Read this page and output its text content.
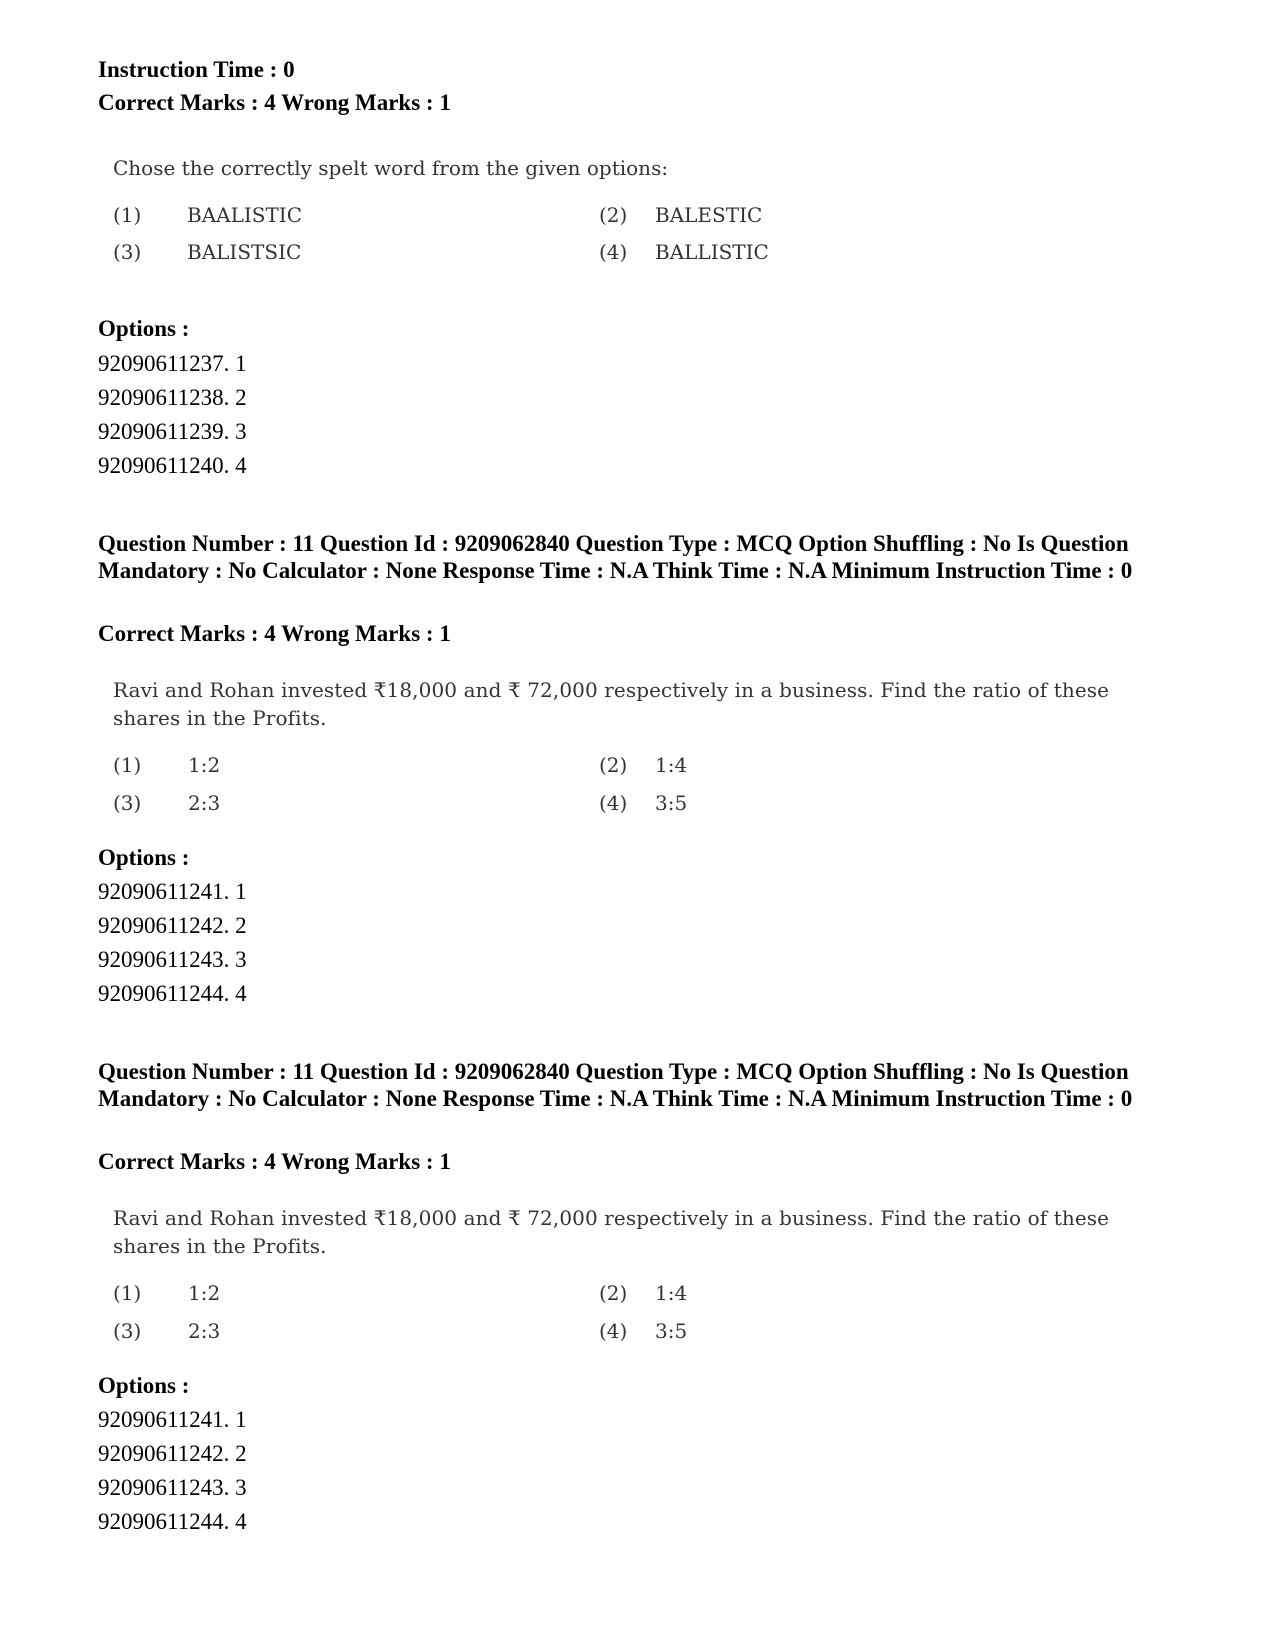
Instruction Time : 0
Correct Marks : 4 Wrong Marks : 1
Chose the correctly spelt word from the given options:
(1) BAALISTIC	(2) BALESTIC
(3) BALISTSIC	(4) BALLISTIC
Options :
92090611237. 1
92090611238. 2
92090611239. 3
92090611240. 4
Question Number : 11 Question Id : 9209062840 Question Type : MCQ Option Shuffling : No Is Question Mandatory : No Calculator : None Response Time : N.A Think Time : N.A Minimum Instruction Time : 0
Correct Marks : 4 Wrong Marks : 1
Ravi and Rohan invested ₹18,000 and ₹ 72,000 respectively in a business. Find the ratio of these shares in the Profits.
(1) 1:2	(2) 1:4
(3) 2:3	(4) 3:5
Options :
92090611241. 1
92090611242. 2
92090611243. 3
92090611244. 4
Question Number : 11 Question Id : 9209062840 Question Type : MCQ Option Shuffling : No Is Question Mandatory : No Calculator : None Response Time : N.A Think Time : N.A Minimum Instruction Time : 0
Correct Marks : 4 Wrong Marks : 1
Ravi and Rohan invested ₹18,000 and ₹ 72,000 respectively in a business. Find the ratio of these shares in the Profits.
(1) 1:2	(2) 1:4
(3) 2:3	(4) 3:5
Options :
92090611241. 1
92090611242. 2
92090611243. 3
92090611244. 4
